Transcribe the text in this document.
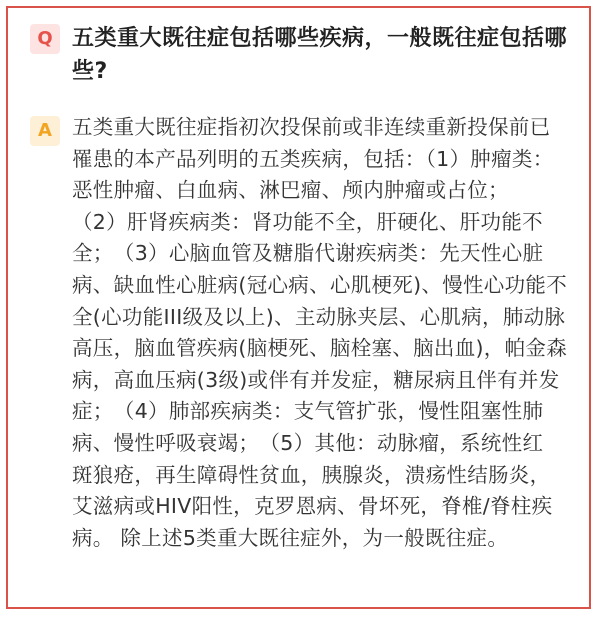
Q 五类重大既往症包括哪些疾病，一般既往症包括哪
些?
A 五类重大既往症指初次投保前或非连续重新投保前已
罹患的本产品列明的五类疾病，包括：（1）肿瘤类：
恶性肿瘤、白血病、淋巴瘤、颅内肿瘤或占位；
（2）肝肾疾病类：肾功能不全，肝硬化、肝功能不
全；　（3）心脑血管及糖脂代谢疾病类：先天性心脏
病、缺血性心脏病(冠心病、心肌梗死)、慢性心功能不
全(心功能III级及以上)、主动脉夹层、心肌病，肺动脉
高压，脑血管疾病(脑梗死、脑栓塞、脑出血)，帕金森
病，高血压病(3级)或伴有并发症，糖尿病且伴有并发
症；　（4）肺部疾病类：支气管扩张，慢性阻塞性肺
病、慢性呼吸衰竭；　（5）其他：动脉瘤，系统性红
斑狼疮，再生障碍性贫血，胰腺炎，溃疡性结肠炎，
艾滋病或HIV阳性，克罗恩病、骨坏死，脊椎/脊柱疾
病。 除上述5类重大既往症外，为一般既往症。
